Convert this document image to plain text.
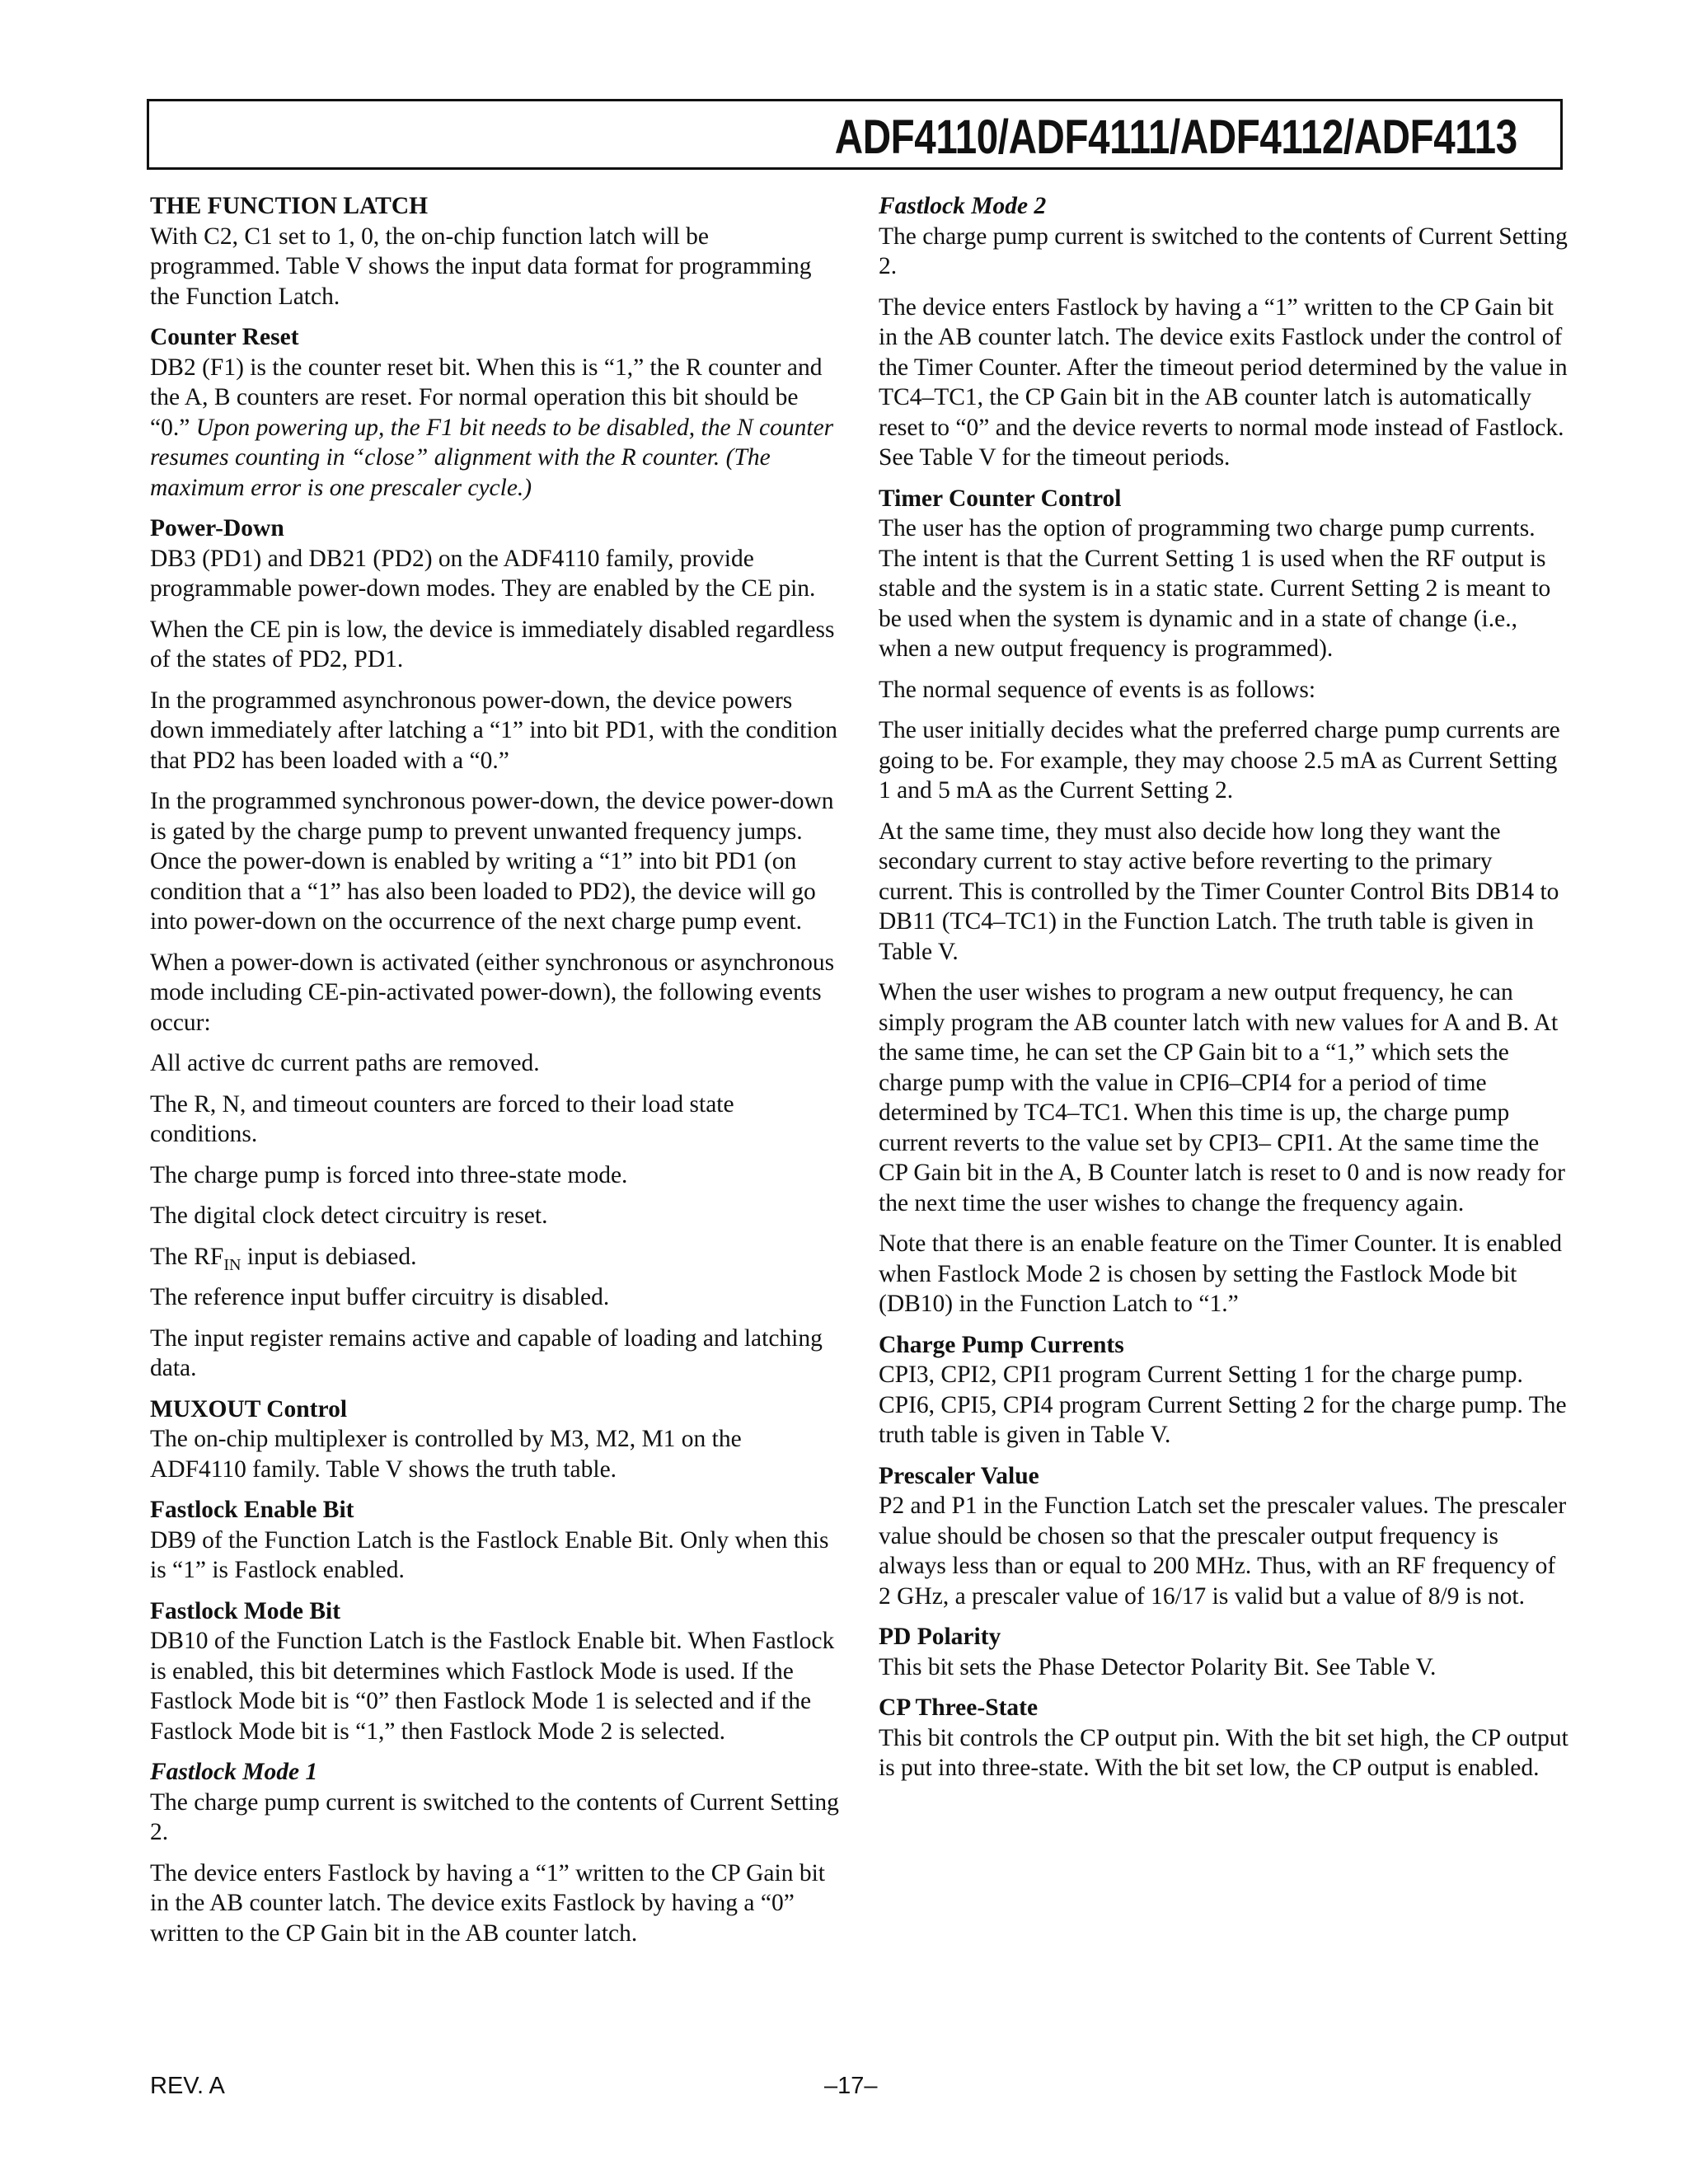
ADF4110/ADF4111/ADF4112/ADF4113

THE FUNCTION LATCH

With C2, C1 set to 1, 0, the on-chip function latch will be programmed. Table V shows the input data format for programming the Function Latch.

Counter Reset

DB2 (F1) is the counter reset bit. When this is “1,” the R counter and the A, B counters are reset. For normal operation this bit should be “0.” Upon powering up, the F1 bit needs to be disabled, the N counter resumes counting in “close” alignment with the R counter. (The maximum error is one prescaler cycle.)

Power-Down

DB3 (PD1) and DB21 (PD2) on the ADF4110 family, provide programmable power-down modes. They are enabled by the CE pin.

When the CE pin is low, the device is immediately disabled regardless of the states of PD2, PD1.

In the programmed asynchronous power-down, the device powers down immediately after latching a “1” into bit PD1, with the condition that PD2 has been loaded with a “0.”

In the programmed synchronous power-down, the device power-down is gated by the charge pump to prevent unwanted frequency jumps. Once the power-down is enabled by writing a “1” into bit PD1 (on condition that a “1” has also been loaded to PD2), the device will go into power-down on the occurrence of the next charge pump event.

When a power-down is activated (either synchronous or asynchronous mode including CE-pin-activated power-down), the following events occur:

All active dc current paths are removed.

The R, N, and timeout counters are forced to their load state conditions.

The charge pump is forced into three-state mode.

The digital clock detect circuitry is reset.

The $RF_{IN}$ input is debiased.

The reference input buffer circuitry is disabled.

The input register remains active and capable of loading and latching data.

MUXOUT Control

The on-chip multiplexer is controlled by M3, M2, M1 on the ADF4110 family. Table V shows the truth table.

Fastlock Enable Bit

DB9 of the Function Latch is the Fastlock Enable Bit. Only when this is “1” is Fastlock enabled.

Fastlock Mode Bit

DB10 of the Function Latch is the Fastlock Enable bit. When Fastlock is enabled, this bit determines which Fastlock Mode is used. If the Fastlock Mode bit is “0” then Fastlock Mode 1 is selected and if the Fastlock Mode bit is “1,” then Fastlock Mode 2 is selected.

Fastlock Mode 1

The charge pump current is switched to the contents of Current Setting 2.

The device enters Fastlock by having a “1” written to the CP Gain bit in the AB counter latch. The device exits Fastlock by having a “0” written to the CP Gain bit in the AB counter latch.

Fastlock Mode 2

The charge pump current is switched to the contents of Current Setting 2.

The device enters Fastlock by having a “1” written to the CP Gain bit in the AB counter latch. The device exits Fastlock under the control of the Timer Counter. After the timeout period determined by the value in TC4–TC1, the CP Gain bit in the AB counter latch is automatically reset to “0” and the device reverts to normal mode instead of Fastlock. See Table V for the timeout periods.

Timer Counter Control

The user has the option of programming two charge pump currents. The intent is that the Current Setting 1 is used when the RF output is stable and the system is in a static state. Current Setting 2 is meant to be used when the system is dynamic and in a state of change (i.e., when a new output frequency is programmed).

The normal sequence of events is as follows:

The user initially decides what the preferred charge pump currents are going to be. For example, they may choose 2.5 mA as Current Setting 1 and 5 mA as the Current Setting 2.

At the same time, they must also decide how long they want the secondary current to stay active before reverting to the primary current. This is controlled by the Timer Counter Control Bits DB14 to DB11 (TC4–TC1) in the Function Latch. The truth table is given in Table V.

When the user wishes to program a new output frequency, he can simply program the AB counter latch with new values for A and B. At the same time, he can set the CP Gain bit to a “1,” which sets the charge pump with the value in CPI6–CPI4 for a period of time determined by TC4–TC1. When this time is up, the charge pump current reverts to the value set by CPI3– CPI1. At the same time the CP Gain bit in the A, B Counter latch is reset to 0 and is now ready for the next time the user wishes to change the frequency again.

Note that there is an enable feature on the Timer Counter. It is enabled when Fastlock Mode 2 is chosen by setting the Fastlock Mode bit (DB10) in the Function Latch to “1.”

Charge Pump Currents

CPI3, CPI2, CPI1 program Current Setting 1 for the charge pump. CPI6, CPI5, CPI4 program Current Setting 2 for the charge pump. The truth table is given in Table V.

Prescaler Value

P2 and P1 in the Function Latch set the prescaler values. The prescaler value should be chosen so that the prescaler output frequency is always less than or equal to 200 MHz. Thus, with an RF frequency of 2 GHz, a prescaler value of 16/17 is valid but a value of 8/9 is not.

PD Polarity

This bit sets the Phase Detector Polarity Bit. See Table V.

CP Three-State

This bit controls the CP output pin. With the bit set high, the CP output is put into three-state. With the bit set low, the CP output is enabled.

REV. A	–17–
